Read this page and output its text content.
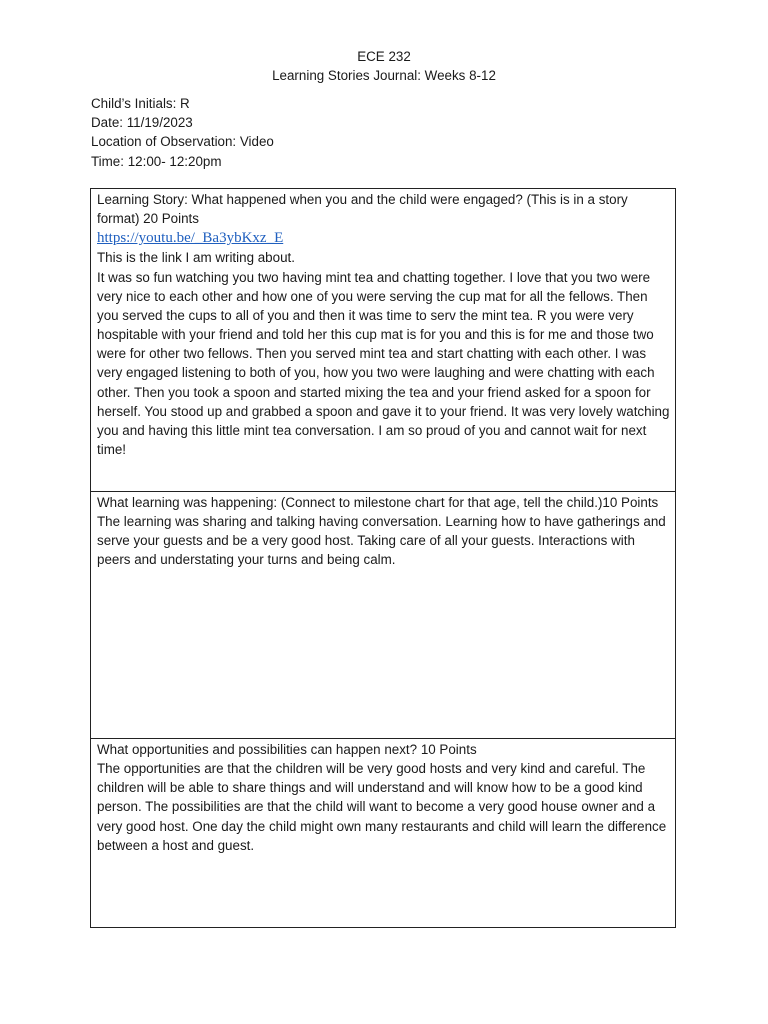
ECE 232
Learning Stories Journal: Weeks 8-12
Child’s Initials: R
Date: 11/19/2023
Location of Observation: Video
Time: 12:00- 12:20pm

Learning Story: What happened when you and the child were engaged? (This is in a story format) 20 Points

https://youtu.be/_Ba3ybKxz_E

This is the link I am writing about.

It was so fun watching you two having mint tea and chatting together. I love that you two were very nice to each other and how one of you were serving the cup mat for all the fellows. Then you served the cups to all of you and then it was time to serv the mint tea. R you were very hospitable with your friend and told her this cup mat is for you and this is for me and those two were for other two fellows. Then you served mint tea and start chatting with each other. I was very engaged listening to both of you, how you two were laughing and were chatting with each other. Then you took a spoon and started mixing the tea and your friend asked for a spoon for herself. You stood up and grabbed a spoon and gave it to your friend. It was very lovely watching you and having this little mint tea conversation. I am so proud of you and cannot wait for next time!

What learning was happening: (Connect to milestone chart for that age, tell the child.)10 Points

The learning was sharing and talking having conversation. Learning how to have gatherings and serve your guests and be a very good host. Taking care of all your guests. Interactions with peers and understating your turns and being calm.

What opportunities and possibilities can happen next? 10 Points

The opportunities are that the children will be very good hosts and very kind and careful. The children will be able to share things and will understand and will know how to be a good kind person. The possibilities are that the child will want to become a very good house owner and a very good host. One day the child might own many restaurants and child will learn the difference between a host and guest.
